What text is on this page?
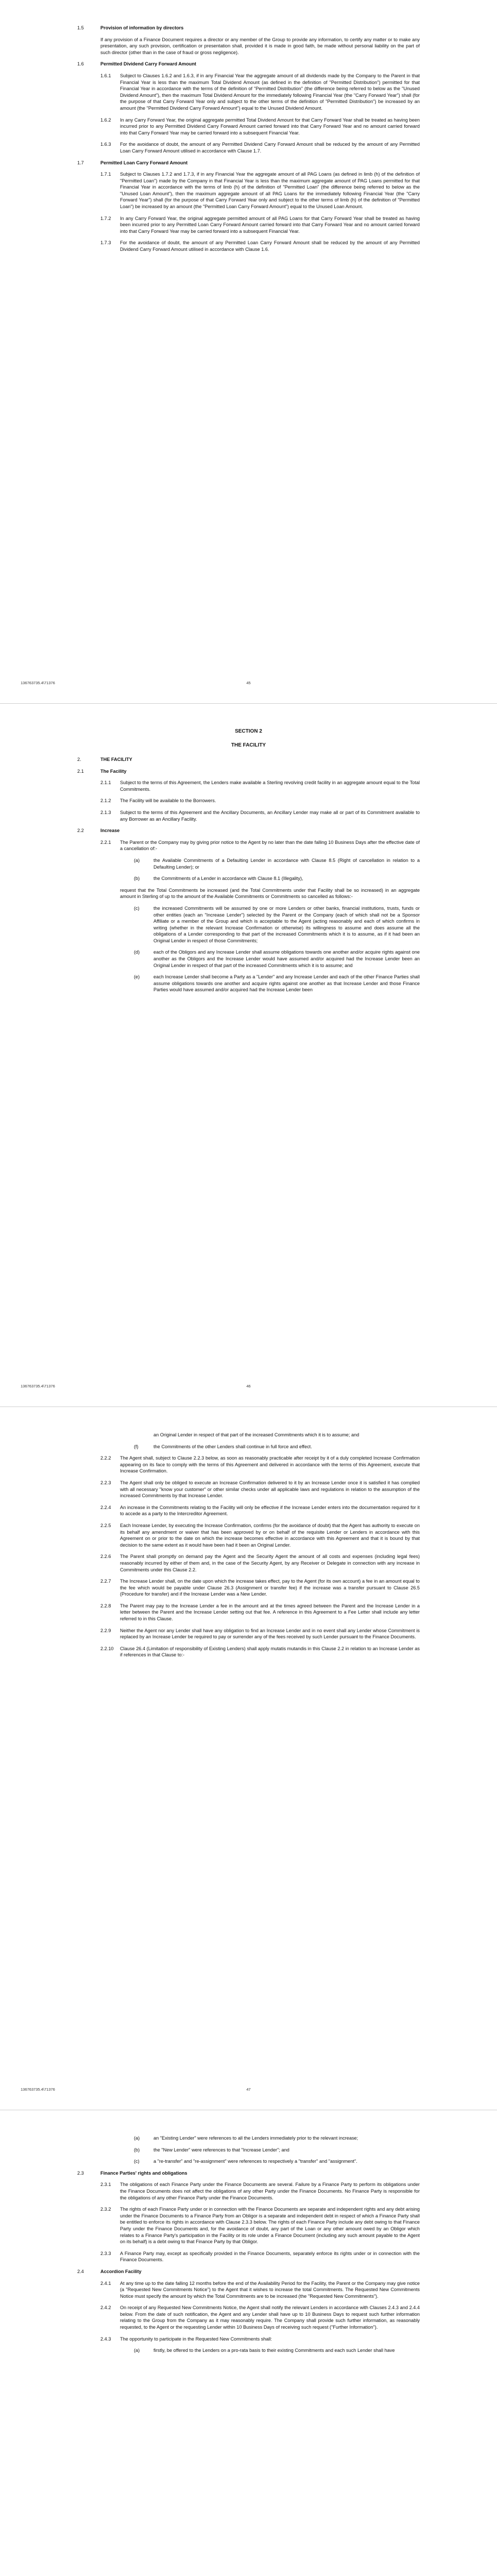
1.5	Provision of information by directors

If any provision of a Finance Document requires a director or any member of the Group to provide any information, to certify any matter or to make any presentation, any such provision, certification or presentation shall, provided it is made in good faith, be made without personal liability on the part of such director (other than in the case of fraud or gross negligence).

1.6	Permitted Dividend Carry Forward Amount
1.6.1	Subject to Clauses 1.6.2 and 1.6.3, if in any Financial Year the aggregate amount of all dividends made by the Company to the Parent in that Financial Year is less than the maximum Total Dividend Amount (as defined in the definition of "Permitted Distribution") permitted for that Financial Year in accordance with the terms of the definition of "Permitted Distribution" (the difference being referred to below as the "Unused Dividend Amount"), then the maximum Total Dividend Amount for the immediately following Financial Year (the "Carry Forward Year") shall (for the purpose of that Carry Forward Year only and subject to the other terms of the definition of "Permitted Distribution") be increased by an amount (the "Permitted Dividend Carry Forward Amount") equal to the Unused Dividend Amount.

1.6.2	In any Carry Forward Year, the original aggregate permitted Total Dividend Amount for that Carry Forward Year shall be treated as having been incurred prior to any Permitted Dividend Carry Forward Amount carried forward into that Carry Forward Year and no amount carried forward into that Carry Forward Year may be carried forward into a subsequent Financial Year.

1.6.3	For the avoidance of doubt, the amount of any Permitted Dividend Carry Forward Amount shall be reduced by the amount of any Permitted Loan Carry Forward Amount utilised in accordance with Clause 1.7.

1.7	Permitted Loan Carry Forward Amount
1.7.1	Subject to Clauses 1.7.2 and 1.7.3, if in any Financial Year the aggregate amount of all PAG Loans (as defined in limb (h) of the definition of "Permitted Loan") made by the Company in that Financial Year is less than the maximum aggregate amount of PAG Loans permitted for that Financial Year in accordance with the terms of limb (h) of the definition of "Permitted Loan" (the difference being referred to below as the "Unused Loan Amount"), then the maximum aggregate amount of all PAG Loans for the immediately following Financial Year (the "Carry Forward Year") shall (for the purpose of that Carry Forward Year only and subject to the other terms of limb (h) of the definition of "Permitted Loan") be increased by an amount (the "Permitted Loan Carry Forward Amount") equal to the Unused Loan Amount.

1.7.2	In any Carry Forward Year, the original aggregate permitted amount of all PAG Loans for that Carry Forward Year shall be treated as having been incurred prior to any Permitted Loan Carry Forward Amount carried forward into that Carry Forward Year and no amount carried forward into that Carry Forward Year may be carried forward into a subsequent Financial Year.

1.7.3	For the avoidance of doubt, the amount of any Permitted Loan Carry Forward Amount shall be reduced by the amount of any Permitted Dividend Carry Forward Amount utilised in accordance with Clause 1.6.

136763735.4\71376	45

SECTION 2

THE FACILITY

2.	THE FACILITY
2.1	The Facility
2.1.1	Subject to the terms of this Agreement, the Lenders make available a Sterling revolving credit facility in an aggregate amount equal to the Total Commitments.

2.1.2	The Facility will be available to the Borrowers.

2.1.3	Subject to the terms of this Agreement and the Ancillary Documents, an Ancillary Lender may make all or part of its Commitment available to any Borrower as an Ancillary Facility.

2.2	Increase
2.2.1	The Parent or the Company may by giving prior notice to the Agent by no later than the date falling 10 Business Days after the effective date of a cancellation of:-

(a)	the Available Commitments of a Defaulting Lender in accordance with Clause 8.5 (Right of cancellation in relation to a Defaulting Lender); or

(b)	the Commitments of a Lender in accordance with Clause 8.1 (Illegality),

request that the Total Commitments be increased (and the Total Commitments under that Facility shall be so increased) in an aggregate amount in Sterling of up to the amount of the Available Commitments or Commitments so cancelled as follows:-

(c)	the increased Commitments will be assumed by one or more Lenders or other banks, financial institutions, trusts, funds or other entities (each an "Increase Lender") selected by the Parent or the Company (each of which shall not be a Sponsor Affiliate or a member of the Group and which is acceptable to the Agent (acting reasonably and each of which confirms in writing (whether in the relevant Increase Confirmation or otherwise) its willingness to assume and does assume all the obligations of a Lender corresponding to that part of the increased Commitments which it is to assume, as if it had been an Original Lender in respect of those Commitments;

(d)	each of the Obligors and any Increase Lender shall assume obligations towards one another and/or acquire rights against one another as the Obligors and the Increase Lender would have assumed and/or acquired had the Increase Lender been an Original Lender in respect of that part of the increased Commitments which it is to assume; and

(e)	each Increase Lender shall become a Party as a "Lender" and any Increase Lender and each of the other Finance Parties shall assume obligations towards one another and acquire rights against one another as that Increase Lender and those Finance Parties would have assumed and/or acquired had the Increase Lender been

136763735.4\71376	46

an Original Lender in respect of that part of the increased Commitments which it is to assume; and

(f)	the Commitments of the other Lenders shall continue in full force and effect.

2.2.2	The Agent shall, subject to Clause 2.2.3 below, as soon as reasonably practicable after receipt by it of a duly completed Increase Confirmation appearing on its face to comply with the terms of this Agreement and delivered in accordance with the terms of this Agreement, execute that Increase Confirmation.

2.2.3	The Agent shall only be obliged to execute an Increase Confirmation delivered to it by an Increase Lender once it is satisfied it has complied with all necessary "know your customer" or other similar checks under all applicable laws and regulations in relation to the assumption of the increased Commitments by that Increase Lender.

2.2.4	An increase in the Commitments relating to the Facility will only be effective if the Increase Lender enters into the documentation required for it to accede as a party to the Intercreditor Agreement.

2.2.5	Each Increase Lender, by executing the Increase Confirmation, confirms (for the avoidance of doubt) that the Agent has authority to execute on its behalf any amendment or waiver that has been approved by or on behalf of the requisite Lender or Lenders in accordance with this Agreement on or prior to the date on which the increase becomes effective in accordance with this Agreement and that it is bound by that decision to the same extent as it would have been had it been an Original Lender.

2.2.6	The Parent shall promptly on demand pay the Agent and the Security Agent the amount of all costs and expenses (including legal fees) reasonably incurred by either of them and, in the case of the Security Agent, by any Receiver or Delegate in connection with any increase in Commitments under this Clause 2.2.

2.2.7	The Increase Lender shall, on the date upon which the increase takes effect, pay to the Agent (for its own account) a fee in an amount equal to the fee which would be payable under Clause 26.3 (Assignment or transfer fee) if the increase was a transfer pursuant to Clause 26.5 (Procedure for transfer) and if the Increase Lender was a New Lender.

2.2.8	The Parent may pay to the Increase Lender a fee in the amount and at the times agreed between the Parent and the Increase Lender in a letter between the Parent and the Increase Lender setting out that fee. A reference in this Agreement to a Fee Letter shall include any letter referred to in this Clause.

2.2.9	Neither the Agent nor any Lender shall have any obligation to find an Increase Lender and in no event shall any Lender whose Commitment is replaced by an Increase Lender be required to pay or surrender any of the fees received by such Lender pursuant to the Finance Documents.

2.2.10	Clause 26.4 (Limitation of responsibility of Existing Lenders) shall apply mutatis mutandis in this Clause 2.2 in relation to an Increase Lender as if references in that Clause to:-

136763735.4\71376	47
(a)	an "Existing Lender" were references to all the Lenders immediately prior to the relevant increase;

(b)	the "New Lender" were references to that "Increase Lender"; and

(c)	a "re-transfer" and "re-assignment" were references to respectively a "transfer" and "assignment".

2.3	Finance Parties' rights and obligations
2.3.1	The obligations of each Finance Party under the Finance Documents are several. Failure by a Finance Party to perform its obligations under the Finance Documents does not affect the obligations of any other Party under the Finance Documents. No Finance Party is responsible for the obligations of any other Finance Party under the Finance Documents.

2.3.2	The rights of each Finance Party under or in connection with the Finance Documents are separate and independent rights and any debt arising under the Finance Documents to a Finance Party from an Obligor is a separate and independent debt in respect of which a Finance Party shall be entitled to enforce its rights in accordance with Clause 2.3.3 below. The rights of each Finance Party include any debt owing to that Finance Party under the Finance Documents and, for the avoidance of doubt, any part of the Loan or any other amount owed by an Obligor which relates to a Finance Party's participation in the Facility or its role under a Finance Document (including any such amount payable to the Agent on its behalf) is a debt owing to that Finance Party by that Obligor.

2.3.3	A Finance Party may, except as specifically provided in the Finance Documents, separately enforce its rights under or in connection with the Finance Documents.

2.4	Accordion Facility
2.4.1	At any time up to the date falling 12 months before the end of the Availability Period for the Facility, the Parent or the Company may give notice (a "Requested New Commitments Notice") to the Agent that it wishes to increase the total Commitments. The Requested New Commitments Notice must specify the amount by which the Total Commitments are to be increased (the "Requested New Commitments").

2.4.2	On receipt of any Requested New Commitments Notice, the Agent shall notify the relevant Lenders in accordance with Clauses 2.4.3 and 2.4.4 below. From the date of such notification, the Agent and any Lender shall have up to 10 Business Days to request such further information relating to the Group from the Company as it may reasonably require. The Company shall provide such further information, as reasonably requested, to the Agent or the requesting Lender within 10 Business Days of receiving such request ("Further Information").

2.4.3	The opportunity to participate in the Requested New Commitments shall:

(a)	firstly, be offered to the Lenders on a pro-rata basis to their existing Commitments and each such Lender shall have
